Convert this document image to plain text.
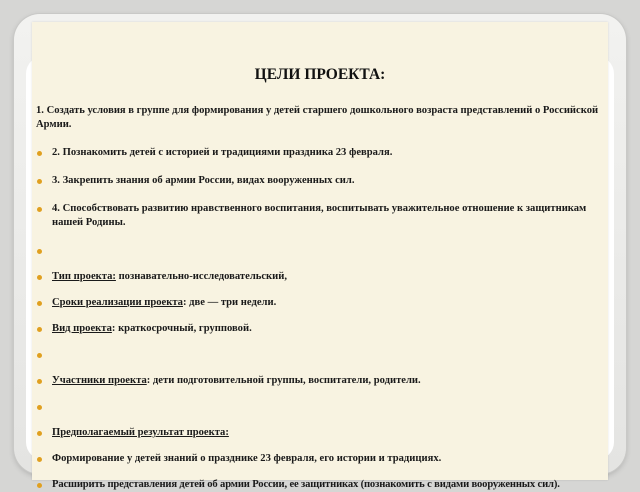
ЦЕЛИ ПРОЕКТА:

1. Создать условия в группе для формирования у детей старшего дошкольного возраста представлений о Российской Армии.

2. Познакомить детей с историей и традициями праздника 23 февраля.

3. Закрепить знания об армии России, видах вооруженных сил.

4. Способствовать развитию нравственного воспитания, воспитывать уважительное отношение к защитникам нашей Родины.

Тип проекта: познавательно-исследовательский,

Сроки реализации проекта: две — три недели.

Вид проекта: краткосрочный, групповой.

Участники проекта: дети подготовительной группы, воспитатели, родители.

Предполагаемый результат проекта:

Формирование у детей знаний о празднике 23 февраля, его истории и традициях.

Расширить представления детей об армии России, ее защитниках (познакомить с видами вооруженных сил).
